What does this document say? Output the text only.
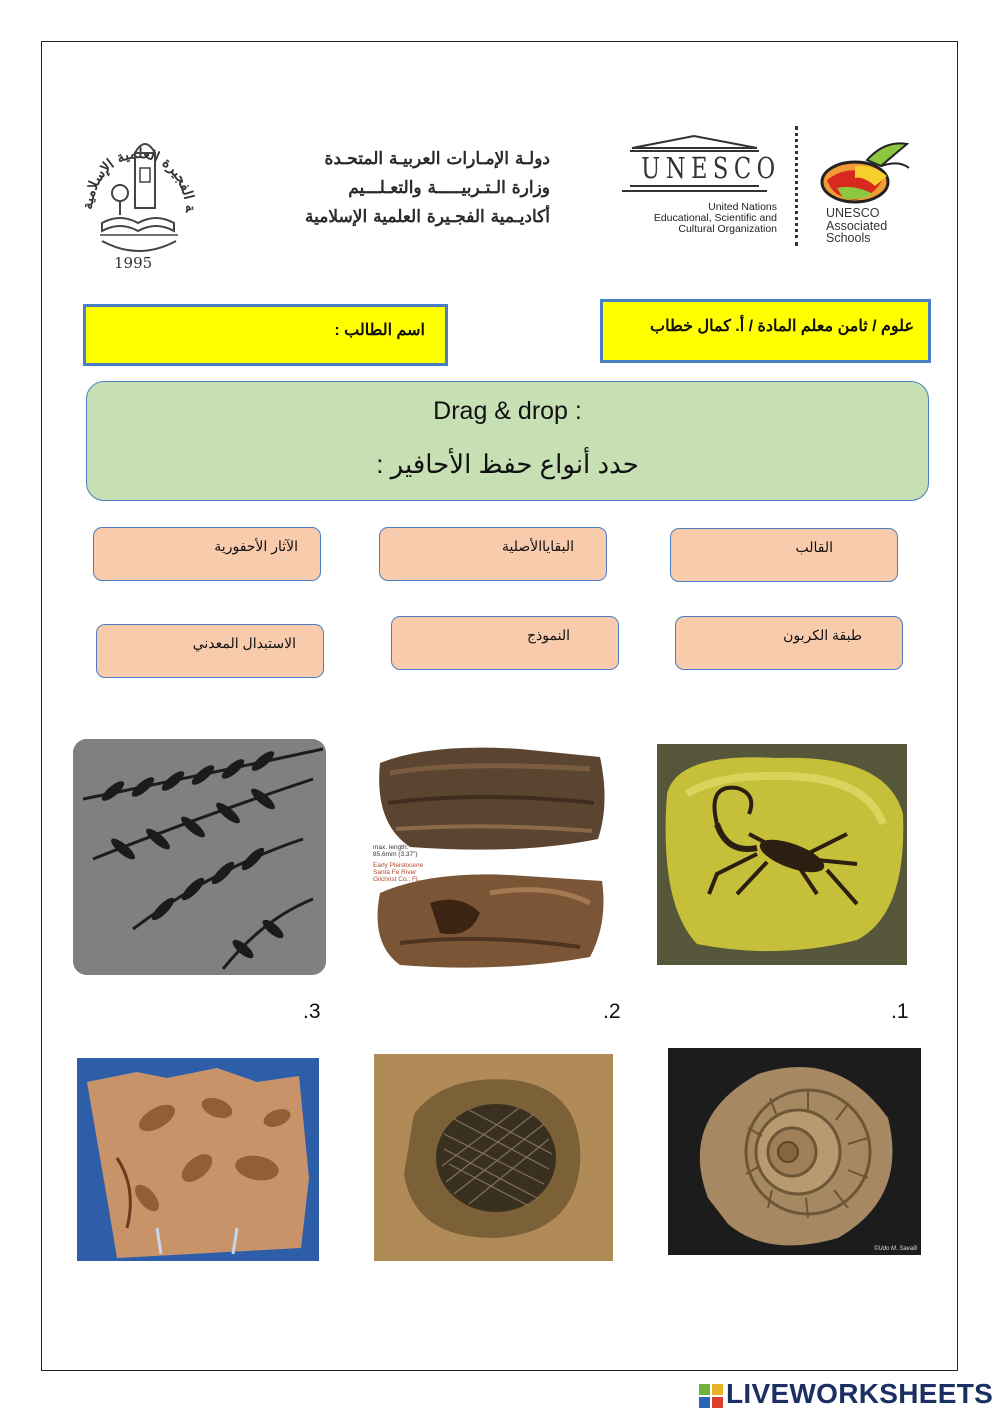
ة الفجيرة العلمية الإسلامية
1995
دولـة الإمـارات العربيـة المتحـدة
وزارة الـتـربيـــــة والتعـلـــيم
أكاديـمية الفجـيرة العلمية الإسلامية
UNESCO
United Nations
Educational, Scientific and
Cultural Organization
UNESCO
Associated
Schools
اسم الطالب :	علوم / ثامن معلم المادة / أ. كمال خطاب
Drag & drop :
حدد أنواع حفظ الأحافير :
الآثار الأحفورية	البقاياالأصلية	القالب
الاستبدال المعدني	النموذج	طبقة الكربون
max. length:
85.6mm (3.37")
Early Pleistocene
Santa Fe River
Gilchrist Co., FL
.3	.2	.1
©Udo M. Savalli
LIVEWORKSHEETS
